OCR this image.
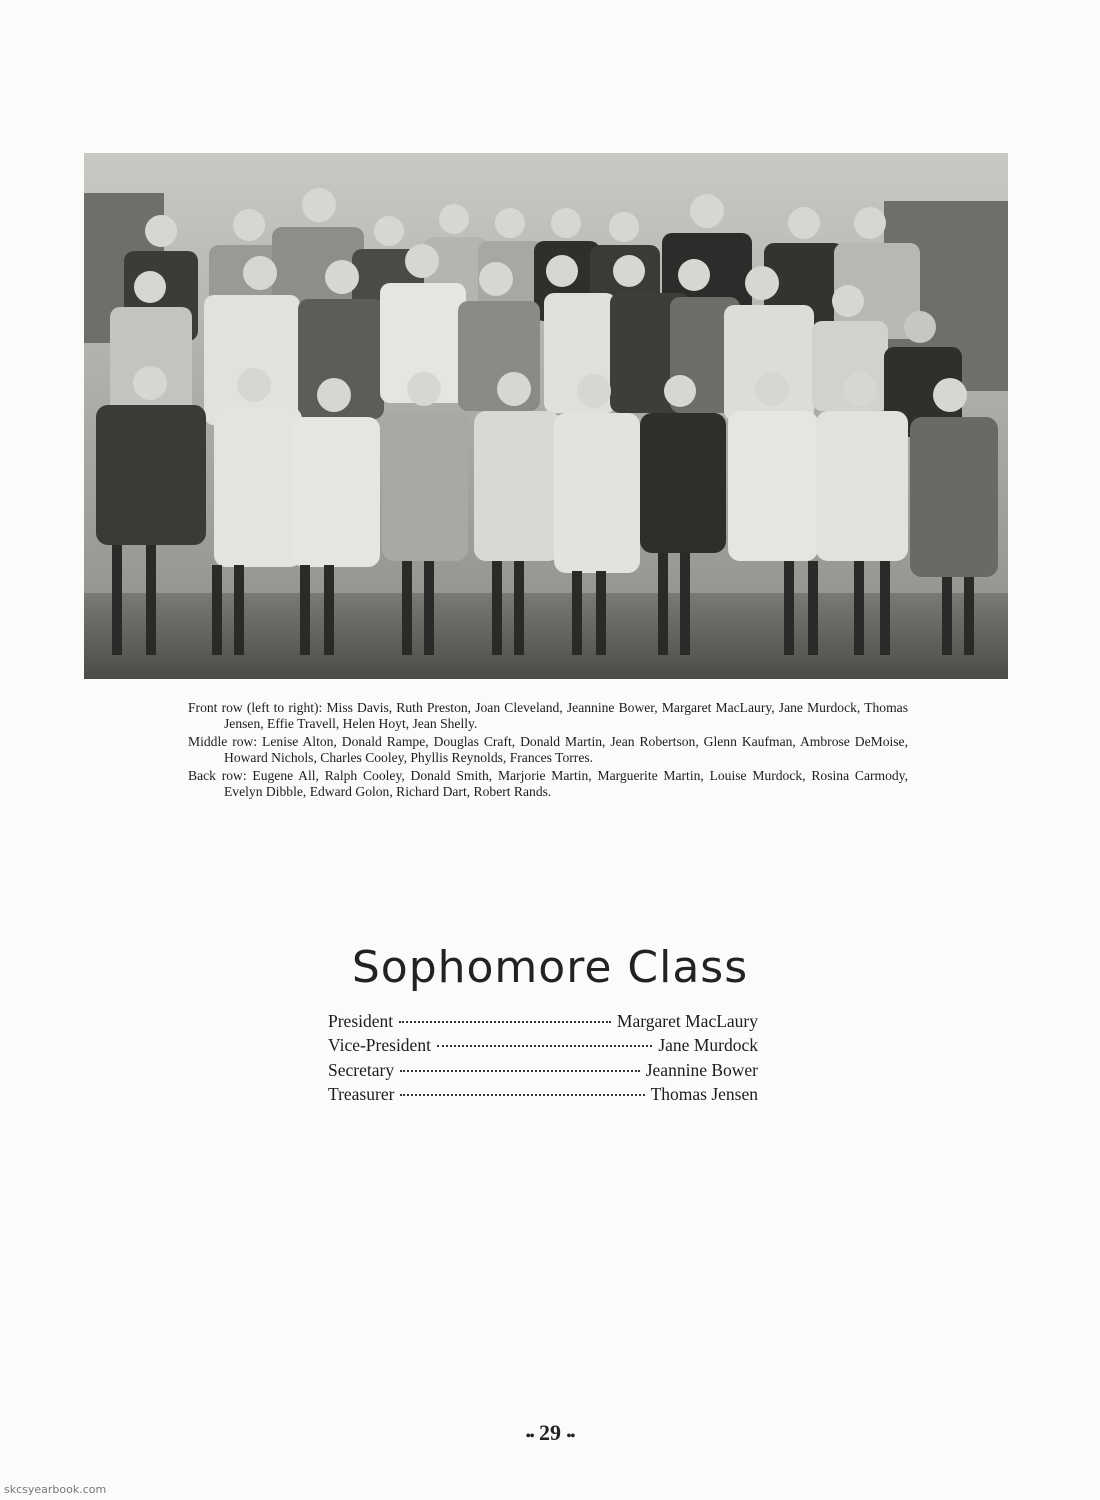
Front row (left to right): Miss Davis, Ruth Preston, Joan Cleveland, Jeannine Bower, Margaret MacLaury, Jane Murdock, Thomas Jensen, Effie Travell, Helen Hoyt, Jean Shelly.

Middle row: Lenise Alton, Donald Rampe, Douglas Craft, Donald Martin, Jean Robertson, Glenn Kaufman, Ambrose DeMoise, Howard Nichols, Charles Cooley, Phyllis Reynolds, Frances Torres.

Back row: Eugene All, Ralph Cooley, Donald Smith, Marjorie Martin, Marguerite Martin, Louise Murdock, Rosina Carmody, Evelyn Dibble, Edward Golon, Richard Dart, Robert Rands.

Sophomore Class
President	Margaret MacLaury
Vice-President	Jane Murdock
Secretary	Jeannine Bower
Treasurer	Thomas Jensen
•• 29 ••
skcsyearbook.com
